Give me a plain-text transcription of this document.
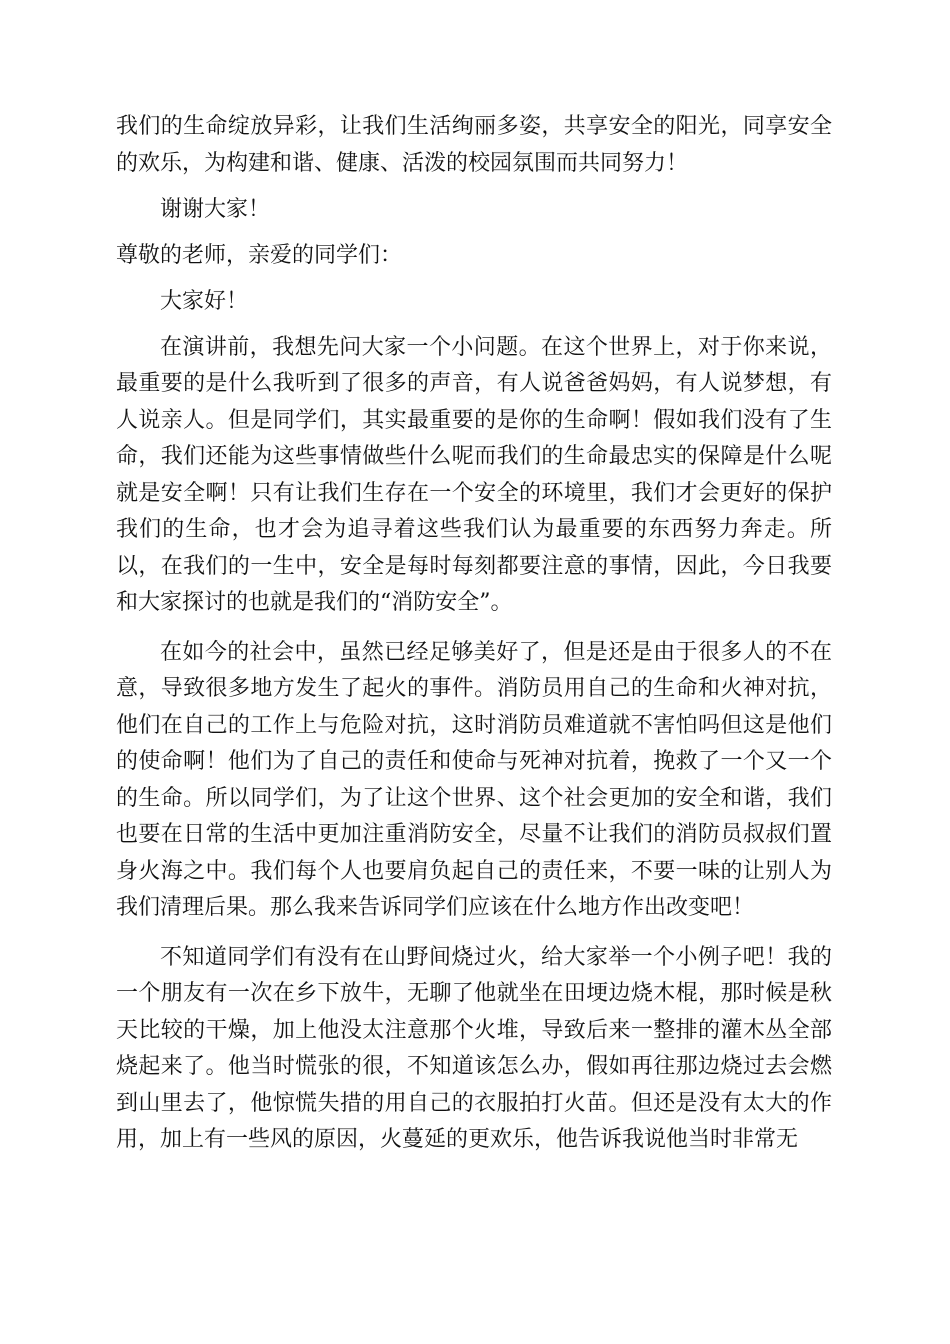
我们的生命绽放异彩，让我们生活绚丽多姿，共享安全的阳光，同享安全的欢乐，为构建和谐、健康、活泼的校园氛围而共同努力！

谢谢大家！

尊敬的老师，亲爱的同学们：

大家好！

在演讲前，我想先问大家一个小问题。在这个世界上，对于你来说，最重要的是什么我听到了很多的声音，有人说爸爸妈妈，有人说梦想，有人说亲人。但是同学们，其实最重要的是你的生命啊！假如我们没有了生命，我们还能为这些事情做些什么呢而我们的生命最忠实的保障是什么呢就是安全啊！只有让我们生存在一个安全的环境里，我们才会更好的保护我们的生命，也才会为追寻着这些我们认为最重要的东西努力奔走。所以，在我们的一生中，安全是每时每刻都要注意的事情，因此，今日我要和大家探讨的也就是我们的“消防安全”。

在如今的社会中，虽然已经足够美好了，但是还是由于很多人的不在意，导致很多地方发生了起火的事件。消防员用自己的生命和火神对抗，他们在自己的工作上与危险对抗，这时消防员难道就不害怕吗但这是他们的使命啊！他们为了自己的责任和使命与死神对抗着，挽救了一个又一个的生命。所以同学们，为了让这个世界、这个社会更加的安全和谐，我们也要在日常的生活中更加注重消防安全，尽量不让我们的消防员叔叔们置身火海之中。我们每个人也要肩负起自己的责任来，不要一味的让别人为我们清理后果。那么我来告诉同学们应该在什么地方作出改变吧！

不知道同学们有没有在山野间烧过火，给大家举一个小例子吧！我的一个朋友有一次在乡下放牛，无聊了他就坐在田埂边烧木棍，那时候是秋天比较的干燥，加上他没太注意那个火堆，导致后来一整排的灌木丛全部烧起来了。他当时慌张的很，不知道该怎么办，假如再往那边烧过去会燃到山里去了，他惊慌失措的用自己的衣服拍打火苗。但还是没有太大的作用，加上有一些风的原因，火蔓延的更欢乐，他告诉我说他当时非常无
